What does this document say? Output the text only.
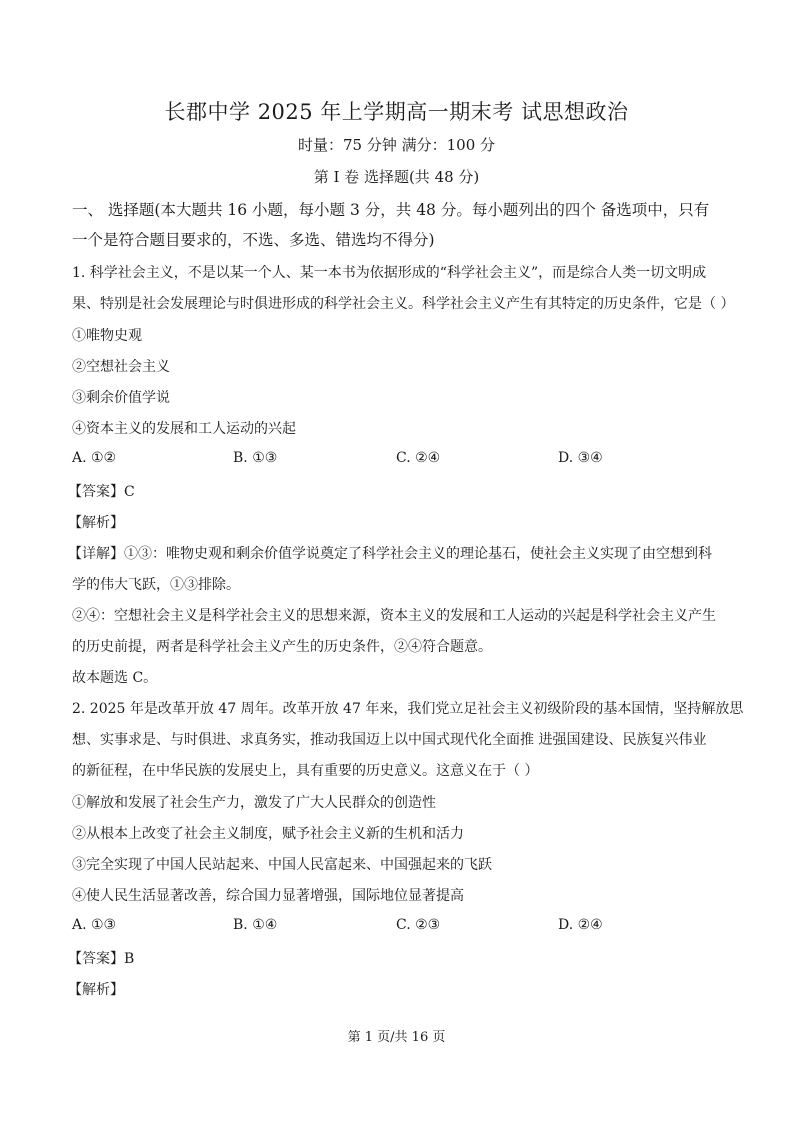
长郡中学 2025 年上学期高一期末考 试思想政治
时量：75 分钟 满分：100 分
第 I 卷 选择题(共 48 分)
一、 选择题(本大题共 16 小题，每小题 3 分，共 48 分。每小题列出的四个 备选项中，只有
一个是符合题目要求的，不选、多选、错选均不得分)
1. 科学社会主义，不是以某一个人、某一本书为依据形成的“科学社会主义”，而是综合人类一切文明成
果、特别是社会发展理论与时俱进形成的科学社会主义。科学社会主义产生有其特定的历史条件，它是（ ）
①唯物史观
②空想社会主义
③剩余价值学说
④资本主义的发展和工人运动的兴起
A. ①②	B. ①③	C. ②④	D. ③④
【答案】C
【解析】
【详解】①③：唯物史观和剩余价值学说奠定了科学社会主义的理论基石，使社会主义实现了由空想到科
学的伟大飞跃，①③排除。
②④：空想社会主义是科学社会主义的思想来源，资本主义的发展和工人运动的兴起是科学社会主义产生
的历史前提，两者是科学社会主义产生的历史条件，②④符合题意。
故本题选 C。
2. 2025 年是改革开放 47 周年。改革开放 47 年来，我们党立足社会主义初级阶段的基本国情，坚持解放思
想、实事求是、与时俱进、求真务实，推动我国迈上以中国式现代化全面推 进强国建设、民族复兴伟业
的新征程，在中华民族的发展史上，具有重要的历史意义。这意义在于（ ）
①解放和发展了社会生产力，激发了广大人民群众的创造性
②从根本上改变了社会主义制度，赋予社会主义新的生机和活力
③完全实现了中国人民站起来、中国人民富起来、中国强起来的飞跃
④使人民生活显著改善，综合国力显著增强，国际地位显著提高
A. ①③	B. ①④	C. ②③	D. ②④
【答案】B
【解析】
第 1 页/共 16 页
